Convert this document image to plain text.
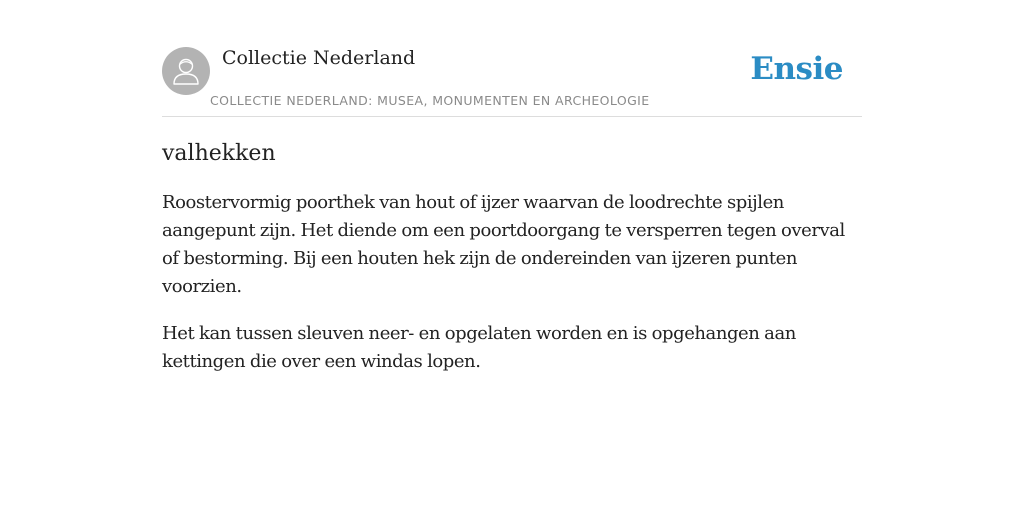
Collectie Nederland
COLLECTIE NEDERLAND: MUSEA, MONUMENTEN EN ARCHEOLOGIE
Ensie
valhekken

Roostervormig poorthek van hout of ijzer waarvan de loodrechte spijlen aangepunt zijn. Het diende om een poortdoorgang te versperren tegen overval of bestorming. Bij een houten hek zijn de ondereinden van ijzeren punten voorzien.

Het kan tussen sleuven neer- en opgelaten worden en is opgehangen aan kettingen die over een windas lopen.
